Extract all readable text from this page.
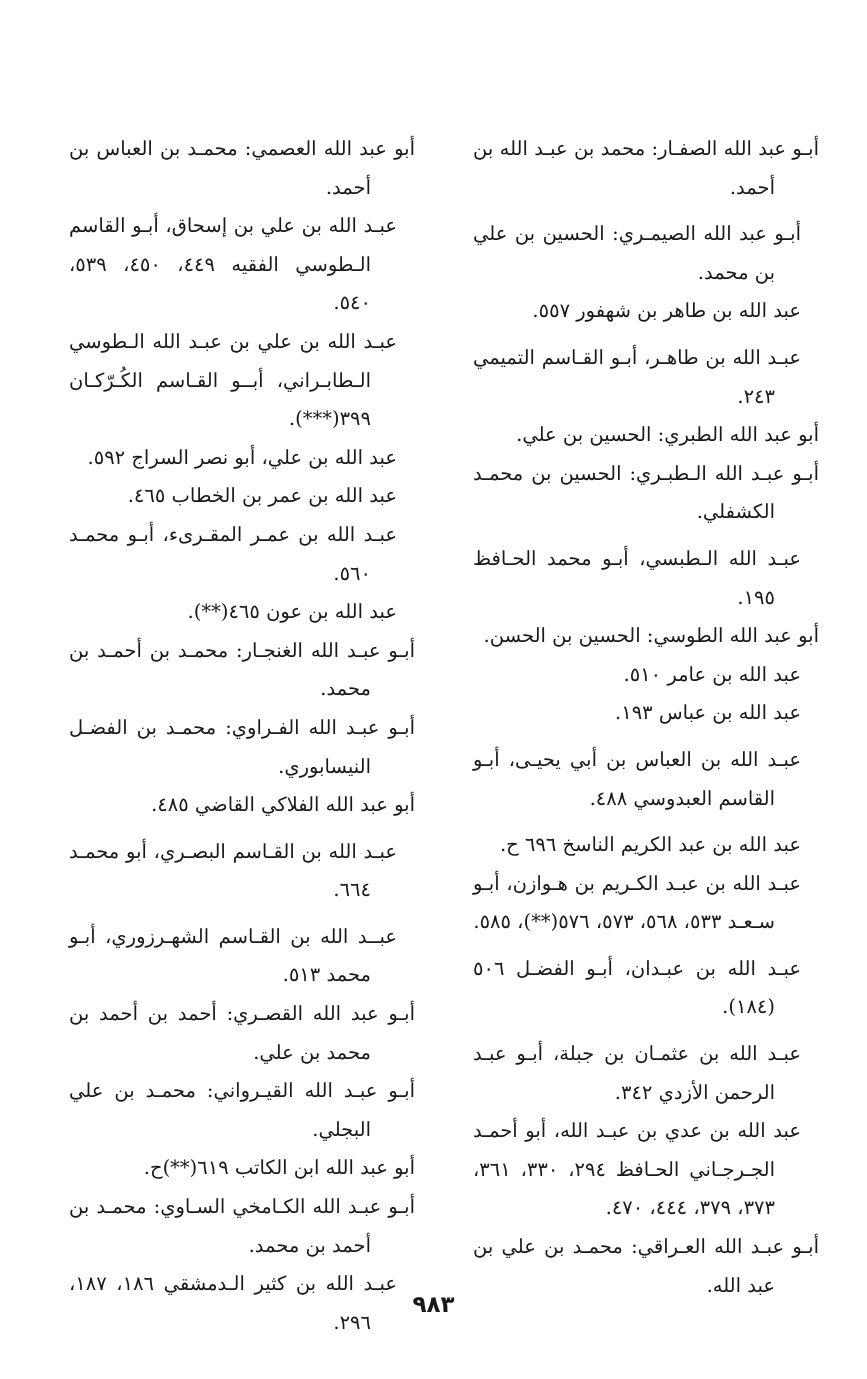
أبـو عبد الله الصفـار: محمد بن عبـد الله بن أحمد.

أبـو عبد الله الصيمـري: الحسين بن علي بن محمد.

عبد الله بن طاهر بن شهفور ٥٥٧.

عبـد الله بن طاهـر، أبـو القـاسم التميمي ٢٤٣.

أبو عبد الله الطبري: الحسين بن علي.

أبـو عبـد الله الـطبـري: الحسين بن محمـد الكشفلي.

عبـد الله الـطبسي، أبـو محمد الحـافظ ١٩٥.

أبو عبد الله الطوسي: الحسين بن الحسن.

عبد الله بن عامر ٥١٠.

عبد الله بن عباس ١٩٣.

عبـد الله بن العباس بن أبي يحيـى، أبـو القاسم العبدوسي ٤٨٨.

عبد الله بن عبد الكريم الناسخ ٦٩٦ ح.

عبـد الله بن عبـد الكـريم بن هـوازن، أبـو سـعـد ٥٣٣، ٥٦٨، ٥٧٣، ٥٧٦(**)، ٥٨٥.

عبـد الله بن عبـدان، أبـو الفضـل ٥٠٦ (١٨٤).

عبـد الله بن عثمـان بن جبلة، أبـو عبـد الرحمن الأزدي ٣٤٢.

عبد الله بن عدي بن عبـد الله، أبو أحمـد الجـرجـاني الحـافظ ٢٩٤، ٣٣٠، ٣٦١، ٣٧٣، ٣٧٩، ٤٤٤، ٤٧٠.

أبـو عبـد الله العـراقي: محمـد بن علي بن عبد الله.

أبو عبد الله العصمي: محمـد بن العباس بن أحمد.

عبـد الله بن علي بن إسحاق، أبـو القاسم الـطوسي الفقيه ٤٤٩، ٤٥٠، ٥٣٩، ٥٤٠.

عبـد الله بن علي بن عبـد الله الـطوسي الـطابـراني، أبــو القـاسم الكُـرّكـان ٣٩٩(***).

عبد الله بن علي، أبو نصر السراج ٥٩٢.

عبد الله بن عمر بن الخطاب ٤٦٥.

عبـد الله بن عمـر المقـرىء، أبـو محمـد ٥٦٠.

عبد الله بن عون ٤٦٥(**).

أبـو عبـد الله الغنجـار: محمـد بن أحمـد بن محمد.

أبـو عبـد الله الفـراوي: محمـد بن الفضـل النيسابوري.

أبو عبد الله الفلاكي القاضي ٤٨٥.

عبـد الله بن القـاسم البصـري، أبو محمـد ٦٦٤.

عبــد الله بن القـاسم الشهـرزوري، أبـو محمد ٥١٣.

أبـو عبد الله القصـري: أحمد بن أحمد بن محمد بن علي.

أبـو عبـد الله القيـرواني: محمـد بن علي البجلي.

أبو عبد الله ابن الكاتب ٦١٩(**)ح.

أبـو عبـد الله الكـامخي السـاوي: محمـد بن أحمد بن محمد.

عبـد الله بن كثير الـدمشقي ١٨٦، ١٨٧، ٢٩٦.

٩٨٣
